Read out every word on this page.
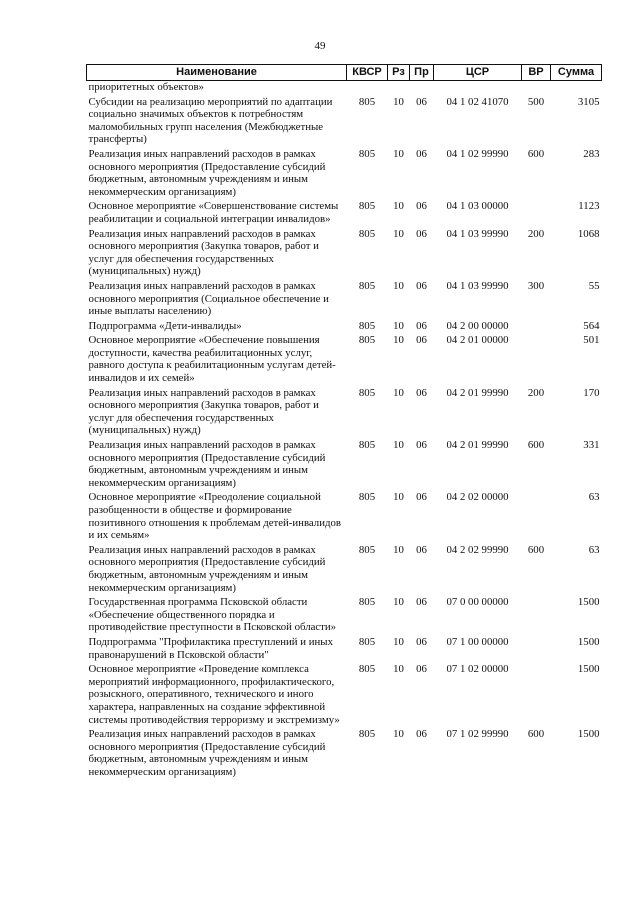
49
Наименование	КВСР	Рз	Пр	ЦСР	ВР	Сумма
приоритетных объектов»						
Субсидии на реализацию мероприятий по адаптации социально значимых объектов к потребностям маломобильных групп населения (Межбюджетные трансферты)	805	10	06	04 1 02 41070	500	3105
Реализация иных направлений расходов в рамках основного мероприятия (Предоставление субсидий бюджетным, автономным учреждениям и иным некоммерческим организациям)	805	10	06	04 1 02 99990	600	283
Основное мероприятие «Совершенствование системы реабилитации и социальной интеграции инвалидов»	805	10	06	04 1 03 00000		1123
Реализация иных направлений расходов в рамках основного мероприятия (Закупка товаров, работ и услуг для обеспечения государственных (муниципальных) нужд)	805	10	06	04 1 03 99990	200	1068
Реализация иных направлений расходов в рамках основного мероприятия (Социальное обеспечение и иные выплаты населению)	805	10	06	04 1 03 99990	300	55
Подпрограмма «Дети-инвалиды»	805	10	06	04 2 00 00000		564
Основное мероприятие «Обеспечение повышения доступности, качества реабилитационных услуг, равного доступа к реабилитационным услугам детей-инвалидов и их семей»	805	10	06	04 2 01 00000		501
Реализация иных направлений расходов в рамках основного мероприятия (Закупка товаров, работ и услуг для обеспечения государственных (муниципальных) нужд)	805	10	06	04 2 01 99990	200	170
Реализация иных направлений расходов в рамках основного мероприятия (Предоставление субсидий бюджетным, автономным учреждениям и иным некоммерческим организациям)	805	10	06	04 2 01 99990	600	331
Основное мероприятие «Преодоление социальной разобщенности в обществе и формирование позитивного отношения к проблемам детей-инвалидов и их семьям»	805	10	06	04 2 02 00000		63
Реализация иных направлений расходов в рамках основного мероприятия (Предоставление субсидий бюджетным, автономным учреждениям и иным некоммерческим организациям)	805	10	06	04 2 02 99990	600	63
Государственная программа Псковской области «Обеспечение общественного порядка и противодействие преступности в Псковской области»	805	10	06	07 0 00 00000		1500
Подпрограмма "Профилактика преступлений и иных правонарушений в Псковской области"	805	10	06	07 1 00 00000		1500
Основное мероприятие «Проведение комплекса мероприятий информационного, профилактического, розыскного, оперативного, технического и иного характера, направленных на создание эффективной системы противодействия терроризму и экстремизму»	805	10	06	07 1 02 00000		1500
Реализация иных направлений расходов в рамках основного мероприятия (Предоставление субсидий бюджетным, автономным учреждениям и иным некоммерческим организациям)	805	10	06	07 1 02 99990	600	1500
